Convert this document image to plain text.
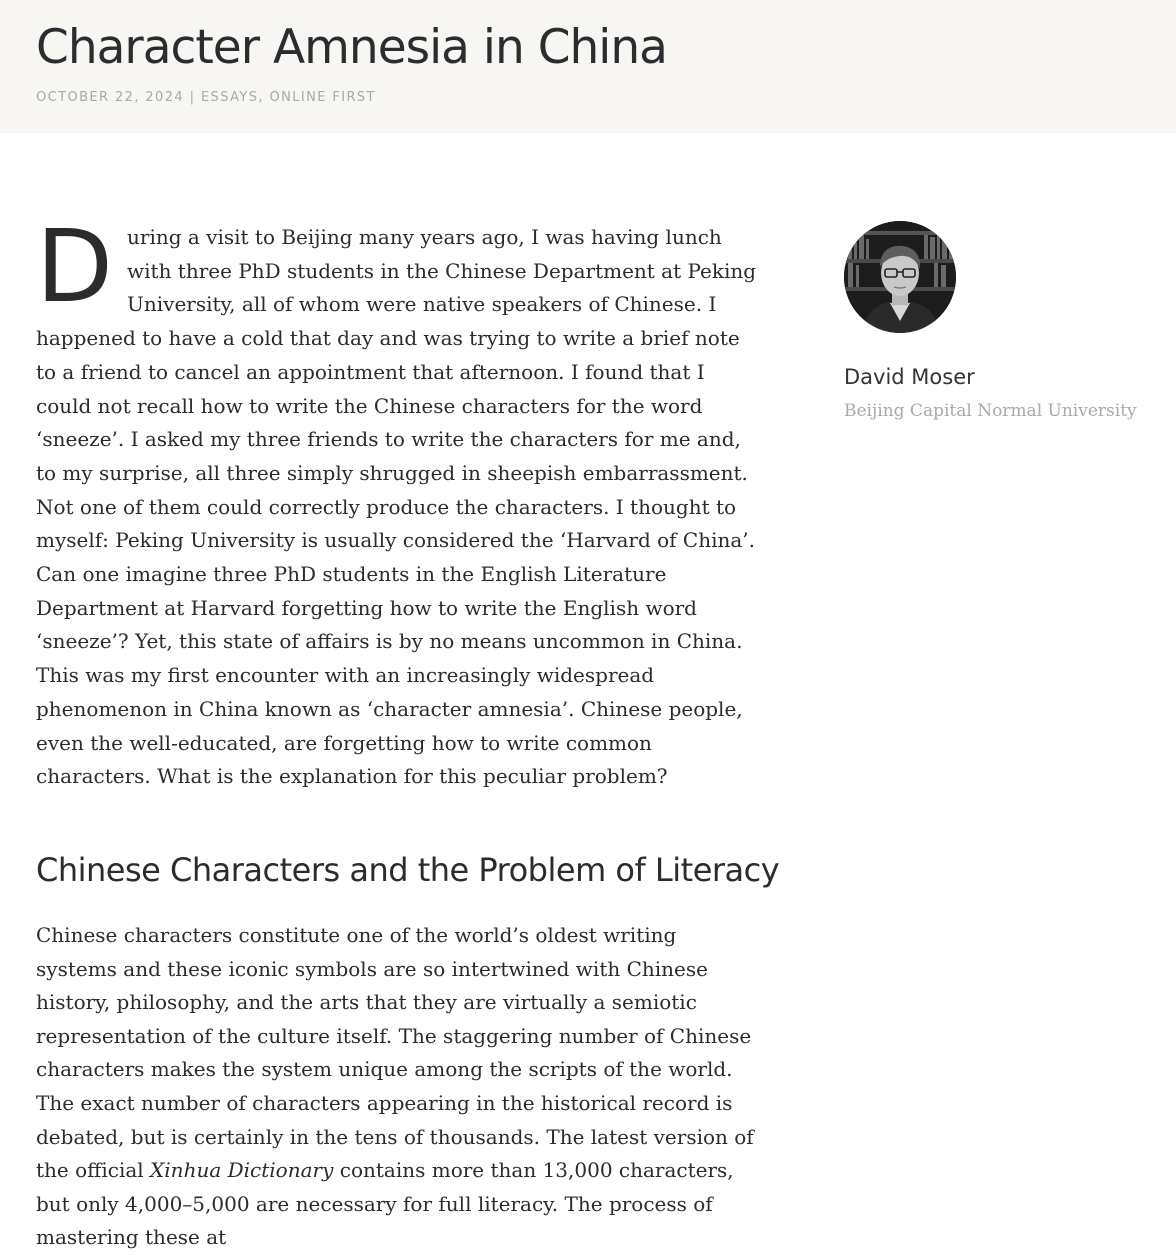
Character Amnesia in China
OCTOBER 22, 2024 | ESSAYS, ONLINE FIRST

During a visit to Beijing many years ago, I was having lunch with three PhD students in the Chinese Department at Peking University, all of whom were native speakers of Chinese. I happened to have a cold that day and was trying to write a brief note to a friend to cancel an appointment that afternoon. I found that I could not recall how to write the Chinese characters for the word ‘sneeze’. I asked my three friends to write the characters for me and, to my surprise, all three simply shrugged in sheepish embarrassment. Not one of them could correctly produce the characters. I thought to myself: Peking University is usually considered the ‘Harvard of China’. Can one imagine three PhD students in the English Literature Department at Harvard forgetting how to write the English word ‘sneeze’? Yet, this state of affairs is by no means uncommon in China. This was my first encounter with an increasingly widespread phenomenon in China known as ‘character amnesia’. Chinese people, even the well-educated, are forgetting how to write common characters. What is the explanation for this peculiar problem?

Chinese Characters and the Problem of Literacy

Chinese characters constitute one of the world’s oldest writing systems and these iconic symbols are so intertwined with Chinese history, philosophy, and the arts that they are virtually a semiotic representation of the culture itself. The staggering number of Chinese characters makes the system unique among the scripts of the world. The exact number of characters appearing in the historical record is debated, but is certainly in the tens of thousands. The latest version of the official Xinhua Dictionary contains more than 13,000 characters, but only 4,000–5,000 are necessary for full literacy. The process of mastering these at

David Moser
Beijing Capital Normal University
